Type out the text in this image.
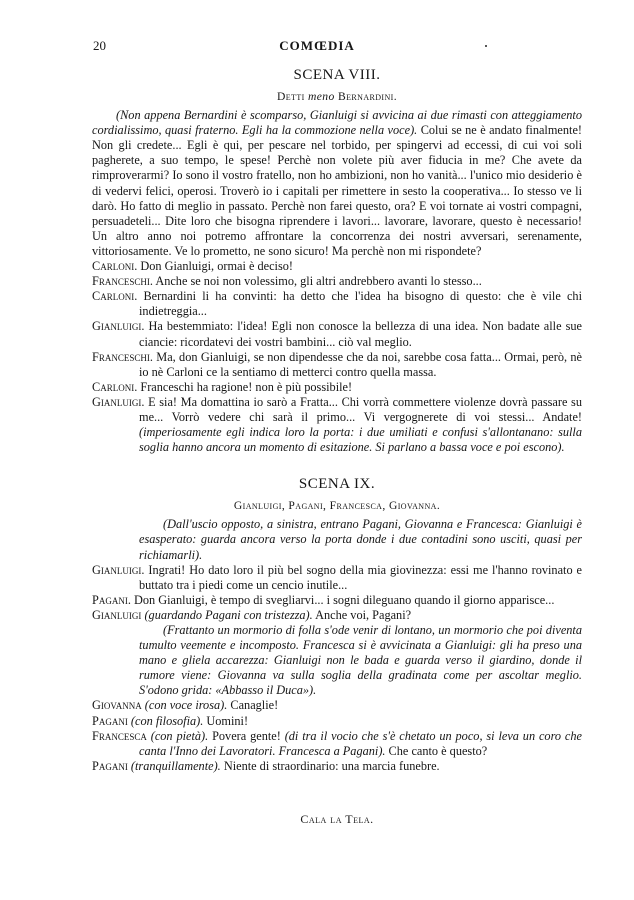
20	COMŒDIA
SCENA VIII.
Detti meno Bernardini.

(Non appena Bernardini è scomparso, Gianluigi si avvicina ai due rimasti con atteggiamento cordialissimo, quasi fraterno. Egli ha la commozione nella voce). Colui se ne è andato finalmente! Non gli credete... Egli è qui, per pescare nel torbido, per spingervi ad eccessi, di cui voi soli pagherete, a suo tempo, le spese! Perchè non volete più aver fiducia in me? Che avete da rimproverarmi? Io sono il vostro fratello, non ho ambizioni, non ho vanità... l'unico mio desiderio è di vedervi felici, operosi. Troverò io i capitali per rimettere in sesto la cooperativa... Io stesso ve li darò. Ho fatto di meglio in passato. Perchè non farei questo, ora? E voi tornate ai vostri compagni, persuadeteli... Dite loro che bisogna riprendere i lavori... lavorare, lavorare, questo è necessario! Un altro anno noi potremo affrontare la concorrenza dei nostri avversari, serenamente, vittoriosamente. Ve lo prometto, ne sono sicuro! Ma perchè non mi rispondete?

Carloni. Don Gianluigi, ormai è deciso!

Franceschi. Anche se noi non volessimo, gli altri andrebbero avanti lo stesso...

Carloni. Bernardini li ha convinti: ha detto che l'idea ha bisogno di questo: che è vile chi indietreggia...

Gianluigi. Ha bestemmiato: l'idea! Egli non conosce la bellezza di una idea. Non badate alle sue ciancie: ricordatevi dei vostri bambini... ciò val meglio.

Franceschi. Ma, don Gianluigi, se non dipendesse che da noi, sarebbe cosa fatta... Ormai, però, nè io nè Carloni ce la sentiamo di metterci contro quella massa.

Carloni. Franceschi ha ragione! non è più possibile!

Gianluigi. E sia! Ma domattina io sarò a Fratta... Chi vorrà commettere violenze dovrà passare su me... Vorrò vedere chi sarà il primo... Vi vergognerete di voi stessi... Andate! (imperiosamente egli indica loro la porta: i due umiliati e confusi s'allontanano: sulla soglia hanno ancora un momento di esitazione. Si parlano a bassa voce e poi escono).

SCENA IX.
Gianluigi, Pagani, Francesca, Giovanna.

(Dall'uscio opposto, a sinistra, entrano Pagani, Giovanna e Francesca: Gianluigi è esasperato: guarda ancora verso la porta donde i due contadini sono usciti, quasi per richiamarli).

Gianluigi. Ingrati! Ho dato loro il più bel sogno della mia giovinezza: essi me l'hanno rovinato e buttato tra i piedi come un cencio inutile...

Pagani. Don Gianluigi, è tempo di svegliarvi... i sogni dileguano quando il giorno apparisce...

Gianluigi (guardando Pagani con tristezza). Anche voi, Pagani?

(Frattanto un mormorio di folla s'ode venir di lontano, un mormorio che poi diventa tumulto veemente e incomposto. Francesca si è avvicinata a Gianluigi: gli ha preso una mano e gliela accarezza: Gianluigi non le bada e guarda verso il giardino, donde il rumore viene: Giovanna va sulla soglia della gradinata come per ascoltar meglio. S'odono grida: «Abbasso il Duca»).

Giovanna (con voce irosa). Canaglie!

Pagani (con filosofia). Uomini!

Francesca (con pietà). Povera gente! (di tra il vocio che s'è chetato un poco, si leva un coro che canta l'Inno dei Lavoratori. Francesca a Pagani). Che canto è questo?

Pagani (tranquillamente). Niente di straordinario: una marcia funebre.

Cala la Tela.
